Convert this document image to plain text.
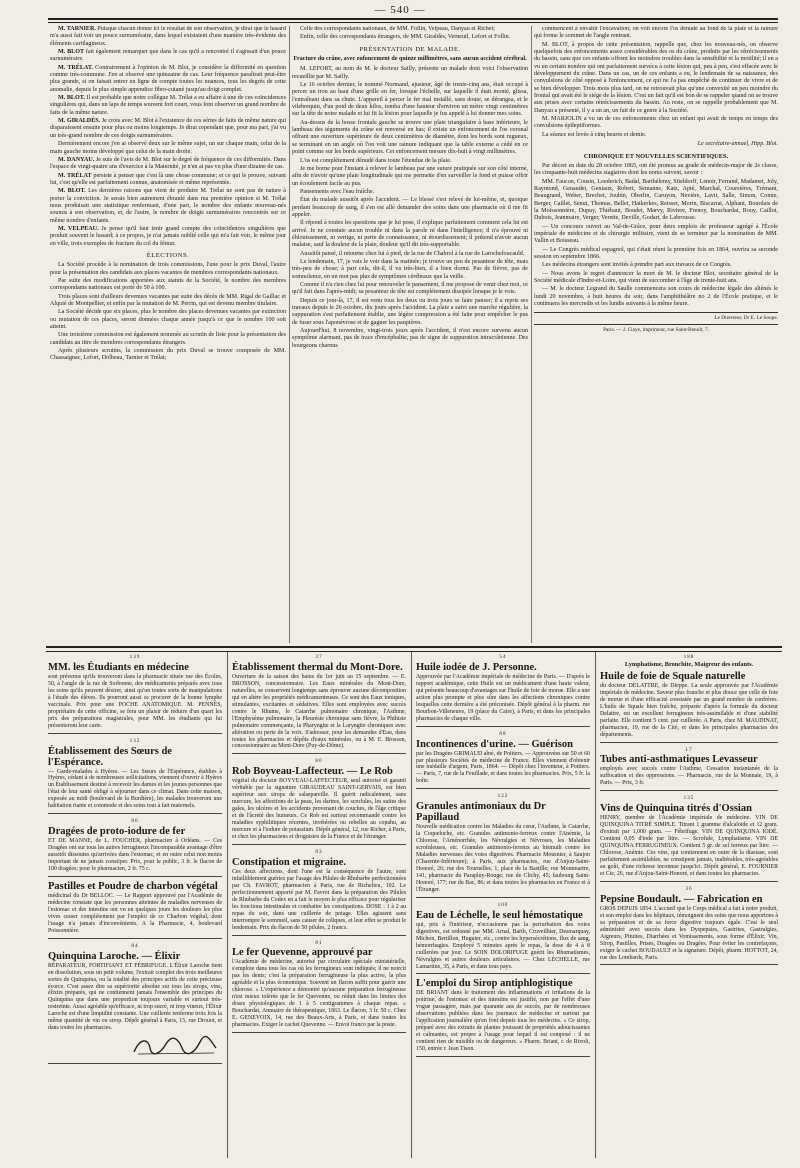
— 540 —

M. TARNIER. Puisque chacun donne ici le résultat de son observation, je dirai que le hasard m'a aussi fait voir un pouce surnuméraire, dans lequel existaient d'une manière très-évidente des éléments cartilagineux.

M. BLOT fait également remarquer que dans le cas qu'il a rencontré il s'agissait d'un pouce surnuméraire.

M. TRÉLAT. Contrairement à l'opinion de M. Blot, je considère la difformité en question comme très-commune. J'en ai observé une quinzaine de cas. Leur fréquence paraîtrait peut-être plus grande, si on faisait entrer en ligne de compte toutes les nuances, tous les degrés de cette anomalie, depuis le plus simple appendice fibro-cutané jusqu'au doigt complet.

M. BLOT. Il est probable que notre collègue M. Trélat a eu affaire à une de ces coïncidences singulières qui, dans un laps de temps souvent fort court, vous font observer un grand nombre de faits de la même nature.

M. GIRALDÈS. Je crois avec M. Blot à l'existence de ces séries de faits de même nature qui disparaissent ensuite pour plus ou moins longtemps. Je dirai cependant que, pour ma part, j'ai vu un très-grand nombre de ces doigts surnuméraires.

Dernièrement encore j'en ai observé deux sur le même sujet, un sur chaque main, celui de la main gauche moins développé que celui de la main droite.

M. DANYAU. Je suis de l'avis de M. Blot sur le degré de fréquence de ces difformités. Dans l'espace de vingt-quatre ans d'exercice à la Maternité, je n'en ai pas vu plus d'une dizaine de cas.

M. TRÉLAT persiste à penser que c'est là une chose commune; et ce qui le prouve, suivant lui, c'est qu'elle est parfaitement connue, anatomisée et même représentée.

M. BLOT. Les dernières raisons que vient de produire M. Trélat ne sont pas de nature à porter la conviction. Je serais bien autrement ébranlé dans ma première opinion si M. Trélat nous produisait une statistique renfermant, d'une part, le nombre des enfants nouveau-nés soumis à son observation, et, de l'autre, le nombre de doigts surnuméraires rencontrés sur ce même nombre d'enfants.

M. VELPEAU. Je pense qu'il faut tenir grand compte des coïncidences singulières que produit souvent le hasard; à ce propos, je n'ai jamais oublié celle qui m'a fait voir, le même jour en ville, trois exemples de fracture du col du fémur.

ÉLECTIONS.

La Société procède à la nomination de trois commissions, l'une pour le prix Duval, l'autre pour la présentation des candidats aux places vacantes de membres correspondants nationaux.

Par suite des modifications apportées aux statuts de la Société, le nombre des membres correspondants nationaux est porté de 50 à 100.

Trois places sont d'ailleurs devenues vacantes par suite des décès de MM. Rigal de Gaillac et Alquié de Montpellier, et enfin par la mutation de M. Perrin, qui est devenu membre titulaire.

La Société décide que six places, plus le nombre des places devenues vacantes par extinction ou mutation de ces places, seront données chaque année jusqu'à ce que le nombre 100 soit atteint.

Une troisième commission est également nommée au scrutin de liste pour la présentation des candidats au titre de membres correspondants étrangers.

Après plusieurs scrutins, la commission du prix Duval se trouve composée de MM. Chassaignac, Lefort, Dolbeau, Tarnier et Trélat;

Celle des correspondants nationaux, de MM. Follin, Velpeau, Danyau et Richet;

Enfin, celle des correspondants étrangers, de MM. Giraldès, Verneuil, Lefort et Follin.

PRÉSENTATION DE MALADE.

Fracture du crâne, avec enfoncement de quinze millimètres, sans aucun accident cérébral.

M. LEFORT, au nom de M. le docteur Sailly, présente un malade dont voici l'observation recueillie par M. Sailly.

Le 16 octobre dernier, le nommé Normand, ajusteur, âgé de trente-cinq ans, était occupé à percer un trou au haut d'une grille en fer, lorsque l'échelle, sur laquelle il était monté, glissa, l'entraînant dans sa chute. L'appareil à percer le fer mal installé, sans doute, se dérangea, et le vilebrequin, d'un poid de deux kilos, tomba d'une hauteur d'environ un mètre vingt centimètres sur la tête de notre malade et lui fit la lésion pour laquelle je fus appelé à lui donner mes soins.

Au-dessus de la bosse frontale gauche se trouve une plaie triangulaire à base inférieure, le lambeau des téguments du crâne est renversé en bas; il existe un enfoncement de l'os coronal offrant une ouverture supérieure de deux centimètres de diamètre, dont les bords sont rugueux, se terminant en un angle où l'on voit une rainure indiquant que la table externe a cédé en ce point comme sur les bords supérieurs. Cet enfoncement mesure dix-huit à vingt millimètres.

L'os est complétement dénudé dans toute l'étendue de la plaie.

Je me borne pour l'instant à relever le lambeau par une suture pratiquée sur son côté interne, afin de n'avoir qu'une plaie longitudinale qui me permette d'en surveiller le fond et puisse offrir un écoulement facile au pus.

Pansements avec l'eau fraîche.

État du malade aussitôt après l'accident. — Le blessé s'est relevé de lui-même, et, quoique perdant beaucoup de sang, il s'en est allé demander des soins dans une pharmacie où il me fit appeler.

Il répond à toutes les questions que je lui pose, il explique parfaitement comment cela lui est arrivé. Je ne constate aucun trouble ni dans la parole ni dans l'intelligence; il n'a éprouvé ni éblouissement, ni vertige, ni perte de connaissance, ni étourdissement; il prétend n'avoir aucun malaise, sauf la douleur de la plaie, douleur qu'il dit très-supportable.

Aussitôt pansé, il retourne chez lui à pied, de la rue de Chabrol à la rue de Larochefoucauld.

Le lendemain, 17, je vais le voir dans la matinée; je trouve un peu de pesanteur de tête, mais très-peu de chose; à part cela, dit-il, il va très-bien, il a bien dormi. Pas de fièvre, pas de somnolence, en un mot pas plus de symptômes cérébraux que la veille.

Comme il n'a rien chez lui pour renouveler le pansement, il me propose de venir chez moi, ce qu'il fait dans l'après-midi; sa pesanteur de tête est complétement dissipée lorsque je le vois.

Depuis ce jour-là, 17, il est venu tous les deux ou trois jours se faire panser; il a repris ses travaux depuis le 26 octobre, dix jours après l'accident. La plaie a suivi une marche régulière, la suppuration s'est parfaitement établie, une légère compression a été faite pour empêcher le pus de fuser sous l'aponévrose et de gagner les paupières.

Aujourd'hui, 8 novembre, vingt-trois jours après l'accident, il n'est encore survenu aucun symptôme alarmant, pas de trace d'encéphalite, pas de signe de suppuration intracrânienne. Des bourgeons charnus

commencent à envahir l'excavation; on voit encore l'os dénudé au fond de la plaie et la rainure qui forme le sommet de l'angle rentrant.

M. BLOT, à propos de cette présentation, rappelle que, chez les nouveau-nés, on observe quelquefois des enfoncements assez considérables des os du crâne, produits par les rétrécissements du bassin, sans que ces enfants offrent les moindres troubles dans la sensibilité et la motilité; il en a vu un certain nombre qui ont parfaitement survécu à cette lésion qui, peu à peu, s'est effacée avec le développement du crâne. Dans un cas, un de ces enfants a eu, le lendemain de sa naissance, des convulsions de côté opposé à l'enfoncement, ce qui ne l'a pas empêché de continuer de vivre et de se bien développer. Trois mois plus tard, on ne retrouvait plus qu'une convexité un peu moindre du frontal qui avait été le siége de la lésion. C'est un fait qu'il est bon de se rappeler quand on se trouve aux prises avec certains rétrécissements du bassin. Au reste, on se rappelle probablement que M. Danyau a présenté, il y a un an, un fait de ce genre à la Société.

M. MARJOLIN a vu un de ces enfoncements chez un enfant qui avait de temps en temps des convulsions épileptiformes.

La séance est levée à cinq heures et demie.

Le secrétaire-annuel, Hipp. Blot.

CHRONIQUE ET NOUVELLES SCIENTIFIQUES.

Par décret en date du 28 octobre 1865, ont été promus au grade de médecin-major de 2e classe, les cinquante-huit médecins stagiaires dont les noms suivent, savoir :

MM. Faucon, Cousin, Loederich, Badal, Barthélemy, Stieldorff, Lenoir, Ferrand, Madamet, Joly, Raymond, Genaudet, Geniaux, Robert, Semanne, Katz, Apté, Marchal, Coursières, Trémant, Beaugrand, Weber, Brechet, Joubin, Oberlin, Caruyon, Nevière, Lavit, Salle, Simon, Comte, Berger, Caillet, Senut, Thomas, Bellet, Hatkerkes, Reisser, Morin, Biscarrat, Alphant, Bourdais de la Moissonnière, Dupuy, Thiébaut, Boudet, Marvy, Riviere, Frenoy, Bouchardat, Rouy, Caillot, Dubois, Jeanmaire, Verger, Verette, Deville, Godart, de Labrousse.

— Un concours ouvert au Val-de-Grâce, pour deux emplois de professeur agrégé à l'École impériale de médecine et de chirurgie militaire, vient de se terminer par la nomination de MM. Vallin et Boisseau.

— Le Congrès médical espagnol, qui s'était réuni la première fois en 1864, ouvrira sa seconde session en septembre 1866.

Les médecins étrangers sont invités à prendre part aux travaux de ce Congrès.

— Nous avons le regret d'annoncer la mort de M. le docteur Blot, secrétaire général de la Société médicale d'Indre-et-Loire, qui vient de succomber à l'âge de trente-huit ans.

— M. le docteur Legrand du Saulle commencera son cours de médecine légale des aliénés le lundi 20 novembre, à huit heures du soir, dans l'amphithéâtre no 2 de l'École pratique, et le continuera les mercredis et les lundis suivants à la même heure.

Le Directeur, Dr E. Le Soupe.
Paris. — J. Claye, imprimeur, rue Saint-Benoît, 7.
139
MM. les Étudiants en médecine
sont prévenus qu'ils trouveront dans la pharmacie située rue des Écoles, 50, à l'angle de la rue de Sorbonne, des médicaments préparés avec tous les soins qu'ils peuvent désirer, ainsi qu'un toutes sorte de manipulations à l'étude des élèves. Ils pourront aussi se procurer de la bonne lymphe vaccinale. Prix pour une POCHE ANATOMIQUE. M. PENNÈS, propriétaire de cette officine, se fera un plaisir de réduire d'un quart les prix des préparations magistrales, pour MM. les étudiants qui lui présenteront leur carte.
132
Établissement des Sœurs de l'Espérance.
— Garde-malades à Hyères. — Les Sœurs de l'Espérance, établies à Hyères, cédant à de nombreuses sollicitations, viennent d'ouvrir à Hyères un Établissement destiné à recevoir les dames et les jeunes personnes que l'état de leur santé obligé à séjourner dans ce climat. Dans cette maison, exposée au midi (boulevard de la Burdière), les malades trouveront une habitation riante et commode et des soins tout à fait maternels.
86
Dragées de proto-iodure de fer
ET DE MANNE, de L. FOUCHER, pharmacien à Orléans. — Ces Dragées ont sur tous les autres ferrugineux l'incomparable avantage d'être aussitôt dissoutes qu'arrivées dans l'estomac, et en outre celui non moins important de ne jamais constiper. Prix, pour le public, 3 fr. le flacon de 100 dragées; pour le pharmacien, 2 fr. 75 c.
Pastilles et Poudre de charbon végétal
médicinal du Dr BELLOC. — Le Rapport approuvé par l'Académie de médecine constate que les personnes atteintes de maladies nerveuses de l'estomac et des intestins ont vu en quelques jours les douleurs les plus vives cesser complétement par l'emploi de ce Charbon végétal, dont l'usage n'a jamais d'inconvénients. A la Pharmacie, 4, boulevard Poissonnière.
84
Quinquina Laroche. — Élixir
RÉPARATEUR, FORTIFIANT ET FÉBRIFUGE. L'Élixir Laroche tient en dissolution, sous un petit volume, l'extrait complet des trois meilleures sortes de Quinquina, ou la totalité des principes actifs de cette précieuse écorce. C'est assez dire sa supériorité absolue sur tous les sirops, vins, élixirs préparés, qui ne contiennent jamais l'ensemble des principes du Quinquina que dans une proportion toujours variable et surtout très-restreinte. Aussi agréable qu'efficace, ni trop sucré, ni trop vineux, l'Élixir Laroche est d'une limpidité constante. Une cuillerée renferme trois fois la même quantité de vin ou sirop. Dépôt général à Paris, 15, rue Drouot, et dans toutes les pharmacies.
37
Établissement thermal du Mont-Dore.
Ouverture de la saison des bains du 1er juin au 15 septembre. — E. BROSSON, concessionnaire. Les Eaux minérales du Mont-Dore, naturelles, se conservent longtemps sans éprouver aucune décomposition qui en altère les propriétés médicamenteuses. Ce sont des Eaux toniques, stimulantes, excitantes et sédatives. Elles sont employées avec succès contre le Rhume, le Catarrhe pulmonaire chronique, l'Asthme, l'Emphysème pulmonaire, la Pleurésie chronique sans fièvre, la Phthisie pulmonaire commençante, la Pharyngite et la Laryngite chroniques avec altération ou perte de la voix. S'adresser, pour les demandes d'Eau, dans toutes les pharmacies et dépôts d'eaux minérales, ou à M. E. Brosson, concessionnaire au Mont-Dore (Puy-de-Dôme).
80
Rob Boyveau-Laffecteur. — Le Rob
végétal du docteur BOYVEAU-LAFFECTEUR, seul autorisé et garanti véritable par la signature GIRAUDEAU SAINT-GERVAIS, est bien supérieur aux sirops de salsepareille. Il guérit radicalement, sans mercure, les affections de la peau, les dartres, les scrofules, les suites des gales, les ulcères et les accidents provenant de couches, de l'âge critique et de l'âcreté des humeurs. Ce Rob est surtout recommandé contre les maladies syphilitiques récentes, invétérées ou rebelles au copahu, au mercure et à l'iodure de potassium. Dépôt général, 12, rue Richer, à Paris, et chez les pharmaciens et droguistes de la France et de l'étranger.
83
Constipation et migraine.
Ces deux affections, dont l'une est la conséquence de l'autre, sont infailliblement guéries par l'usage des Pilules de Rhubarbe perfectionnées par Ch. FAVROT, pharmacien à Paris, rue de Richelieu, 102. Le perfectionnement apporté par M. Favrot dans la préparation des Pilules de Rhubarbe du Codex en a fait le moyen le plus efficace pour régulariser les fonctions intestinales et combattre les constipations. DOSE : 1 à 2 au repas du soir, dans une cuillerée de potage. Elles agissent sans interrompre le sommeil, sans causer de coliques, et leur effet se produit le lendemain. Prix du flacon de 50 pilules, 2 francs.
81
Le fer Quevenne, approuvé par
l'Académie de médecine, autorisé par circulaire spéciale ministérielle, s'emploie dans tous les cas où les ferrugineux sont indiqués; il ne noircit pas les dents; c'est la préparation ferrugineuse la plus active, la plus agréable et la plus économique. Souvent un flacon suffit pour guérir une chlorose. « L'expérience a démontré qu'aucune préparation ferrugineuse n'est mieux tolérée que le fer Quevenne, ou réduit dans les limites des doses physiologiques de 1 à 5 centigrammes à chaque repas. » Bouchardat, Annuaire de thérapeutique, 1863. Le flacon, 3 fr. 50 c. Chez E. GENEVOIX, 14, rue des Beaux-Arts, à Paris, et dans toutes les pharmacies. Exiger le cachet Quevenne. — Envoi franco par la poste.
54
Huile iodée de J. Personne.
Approuvée par l'Académie impériale de médecine de Paris. — D'après le rapport académique, cette Huile est un médicament d'une haute valeur, qui présente beaucoup d'avantages sur l'huile de foie de morue. Elle a une action plus prompte et plus sûre dans les affections chroniques contre lesquelles cette dernière a été préconisée. Dépôt général à la pharm. rue Bourbon-Villeneuve, 19 (place du Caire), à Paris, et dans les principales pharmacies de chaque ville.
88
Incontinences d'urine. — Guérison
par les Dragées GRIMAUD aîné, de Poitiers. — Approuvées sur 50 et 60 par plusieurs Sociétés de médecine de France. Elles viennent d'obtenir une médaille d'argent, Paris, 1864. — Dépôt chez l'inventeur, à Poitiers. — Paris, 7, rue de la Feuillade, et dans toutes les pharmacies. Prix, 5 fr. la boîte.
122
Granules antimoniaux du Dr Papillaud
Nouvelle médication contre les Maladies du cœur, l'Asthme, le Catarrhe, la Coqueluche, etc. Granules antimonio-ferreux contre l'Anémie, la Chlorose, l'Aménorrhée, les Névralgies et Névroses, les Maladies scrofuleuses, etc. Granules antimonio-ferreux au bismuth contre les Maladies nerveuses des voies digestives. Pharmacie Mousnier, à Saujon (Charente-Inférieure); à Paris, aux pharmacies, rue d'Anjou-Saint-Honoré, 26; rue des Tournelles, 1, place de la Bastille; rue Montmartre, 141, pharmacie du Parapluy-Rouge; rue de Clichy, 45; faubourg Saint-Honoré, 177; rue du Bac, 86; et dans toutes les pharmacies en France et à l'Étranger.
100
Eau de Léchelle, le seul hémostatique
qui, pris à l'intérieur, n'occasionne pas la perturbation des voies digestives, est ordonné par MM. Arnal, Barth, Cruveilhier, Desmarquay, Michon, Bertillon, Huguier, etc., contre les hypersécrétions, flux de sang, hémorrhagies. Employé 5 minutes après le repas, la dose de 4 à 8 cuillerées par jour. Le SOIN DOLORIFUGE guérit les Rhumatismes, Névralgies et autres douleurs articulaires. — Chez LÉCHELLE, rue Lamartine, 35, à Paris, et dans tous pays.
L'emploi du Sirop antiphlogistique
DE BRIANT dans le traitement des inflammations et irritations de la poitrine, de l'estomac et des intestins est justifié, non par l'effet d'une vogue passagère, mais par quarante ans de succès, par de nombreuses observations publiées dans les journaux de médecine et surtout par l'application journalière qu'en font depuis tous les médecins. « Ce sirop, préparé avec des extraits de plantes jouissant de propriétés adoucissantes et calmantes, est propre à l'usage pour lequel il est composé : il ne contient rien de nuisible ou de dangereux. » Pharm. Briant, r. de Rivoli, 150, entrée r. Jean Tison.
188
Lymphatisme, Bronchite, Maigreur des enfants.
Huile de foie de Squale naturelle
du docteur DELATTRE, de Dieppe. La seule approuvée par l'Académie impériale de médecine. Saveur plus franche et plus douce que celle de foie de morue et d'une efficacité constatée par un grand nombre de confrères. L'huile de Squale bien fraîche, préparée d'après la formule du docteur Delattre, est un excellent ferrugineux très-assimilable et d'une stabilité parfaite. Elle contient 5 cent. par cuillerée. A Paris, chez M. MAUDINAT, pharmacien, 19, rue de la Cité, et dans les principales pharmacies des départements.
17
Tubes anti-asthmatiques Levasseur
employés avec succès contre l'Asthme, Cessation instantanée de la suffocation et des oppressions. — Pharmacie, rue de la Monnaie, 19, à Paris. — Prix, 3 fr.
135
Vins de Quinquina titrés d'Ossian
HENRY, membre de l'Académie impériale de médecine. VIN DE QUINQUINA TITRÉ SIMPLE. Titrant 1 gramme d'alcaloïde et 12 gram. d'extrait par 1,000 gram. — Fébrifuge. VIN DE QUINQUINA IODÉ. Contient 0,05 d'iode par litre. — Scrofule, Lymphatisme. VIN DE QUINQUINA FERRUGINEUX. Contient 5 gr. de sel ferreux par litre. — Chlorose, Anémie. Ces vins, qui contiennent en outre de la diastase, sont parfaitement assimilables, ne constipent jamais, inaltérables, très-agréables au goût, d'une richesse inconnue jusqu'ici. Dépôt général, E. FOURNIER et Cie, 26, rue d'Anjou-Saint-Honoré, et dans toutes les pharmacies.
36
Pepsine Boudault. — Fabrication en
GROS DEPUIS 1854. L'accueil que le Corps médical a fait à notre produit, et son emploi dans les hôpitaux, témoignent des soins que nous apportons à sa préparation et de sa force digestive toujours égale. C'est le seul administré avec succès dans les Dyspepsies, Gastrites, Gastralgies, Aigreurs, Pituites, Diarrhées et Vomissements, sous forme d'Élixir, Vin, Sirop, Pastilles, Prises, Dragées ou Dragées. Pour éviter les contrefaçons, exiger le cachet BOUDAULT et la signature. Dépôt, pharm. HOTTOT, 24, rue des Lombards, Paris.
